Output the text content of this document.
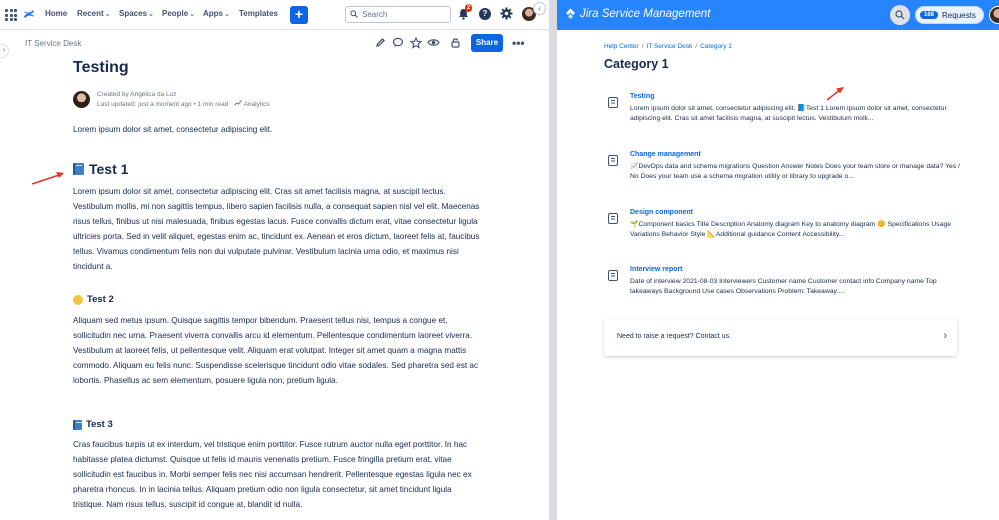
Home Recent⌄ Spaces⌄ People⌄ Apps⌄ Templates	+	Search
2
?
‹
›
IT Service Desk	Share	•••
Testing
Created by Angelica da Luz
Last updated: just a moment ago • 1 min read Analytics

Lorem ipsum dolor sit amet, consectetur adipiscing elit.

Test 1

Lorem ipsum dolor sit amet, consectetur adipiscing elit. Cras sit amet facilisis magna, at suscipit lectus. Vestibulum mollis, mi non sagittis tempus, libero sapien facilisis nulla, a consequat sapien nisl vel elit. Maecenas risus tellus, finibus ut nisi malesuada, finibus egestas lacus. Fusce convallis dictum erat, vitae consectetur ligula ultricies porta. Sed in velit aliquet, egestas enim ac, tincidunt ex. Aenean et eros dictum, laoreet felis at, faucibus tellus. Vivamus condimentum felis non dui vulputate pulvinar. Vestibulum lacinia urna odio, et maximus nisi tincidunt a.

Test 2

Aliquam sed metus ipsum. Quisque sagittis tempor bibendum. Praesent tellus nisi, tempus a congue et, sollicitudin nec urna. Praesent viverra convallis arcu id elementum. Pellentesque condimentum laoreet viverra. Vestibulum at laoreet felis, ut pellentesque velit. Aliquam erat volutpat. Integer sit amet quam a magna mattis commodo. Aliquam eu felis nunc. Suspendisse scelerisque tincidunt odio vitae sodales. Sed pharetra sed est ac lobortis. Phasellus ac sem elementum, posuere ligula non, pretium ligula.

Test 3

Cras faucibus turpis ut ex interdum, vel tristique enim porttitor. Fusce rutrum auctor nulla eget porttitor. In hac habitasse platea dictumst. Quisque ut felis id mauris venenatis pretium. Fusce fringilla pretium erat, vitae sollicitudin est faucibus in. Morbi semper felis nec nisi accumsan hendrerit. Pellentesque egestas ligula nec ex pharetra rhoncus. In in lacinia tellus. Aliquam pretium odio non ligula consectetur, sit amet tincidunt ligula tristique. Nam risus tellus, suscipit id congue at, blandit id nulla.

Jira Service Management	168	Requests
Help Center / IT Service Desk / Category 1
Category 1
Testing
Lorem ipsum dolor sit amet, consectetur adipiscing elit. 📘Test 1 Lorem ipsum dolor sit amet, consectetur adipiscing elit. Cras sit amet facilisis magna, at suscipit lectus. Vestibulum molli...
Change management
📈DevOps data and schema migrations Question Answer Notes Does your team store or manage data? Yes / No Does your team use a schema migration utility or library to upgrade o...
Design component
🌱Component basics Title Description Anatomy diagram Key to anatomy diagram 😊 Specifications Usage Variations Behavior Style 📐Additional guidance Content Accessibility...
Interview report
Date of interview 2021-08-03 Interviewers Customer name Customer contact info Company name Top takeaways Background Use cases Observations Problem: Takeaway:...
Need to raise a request? Contact us.	›
